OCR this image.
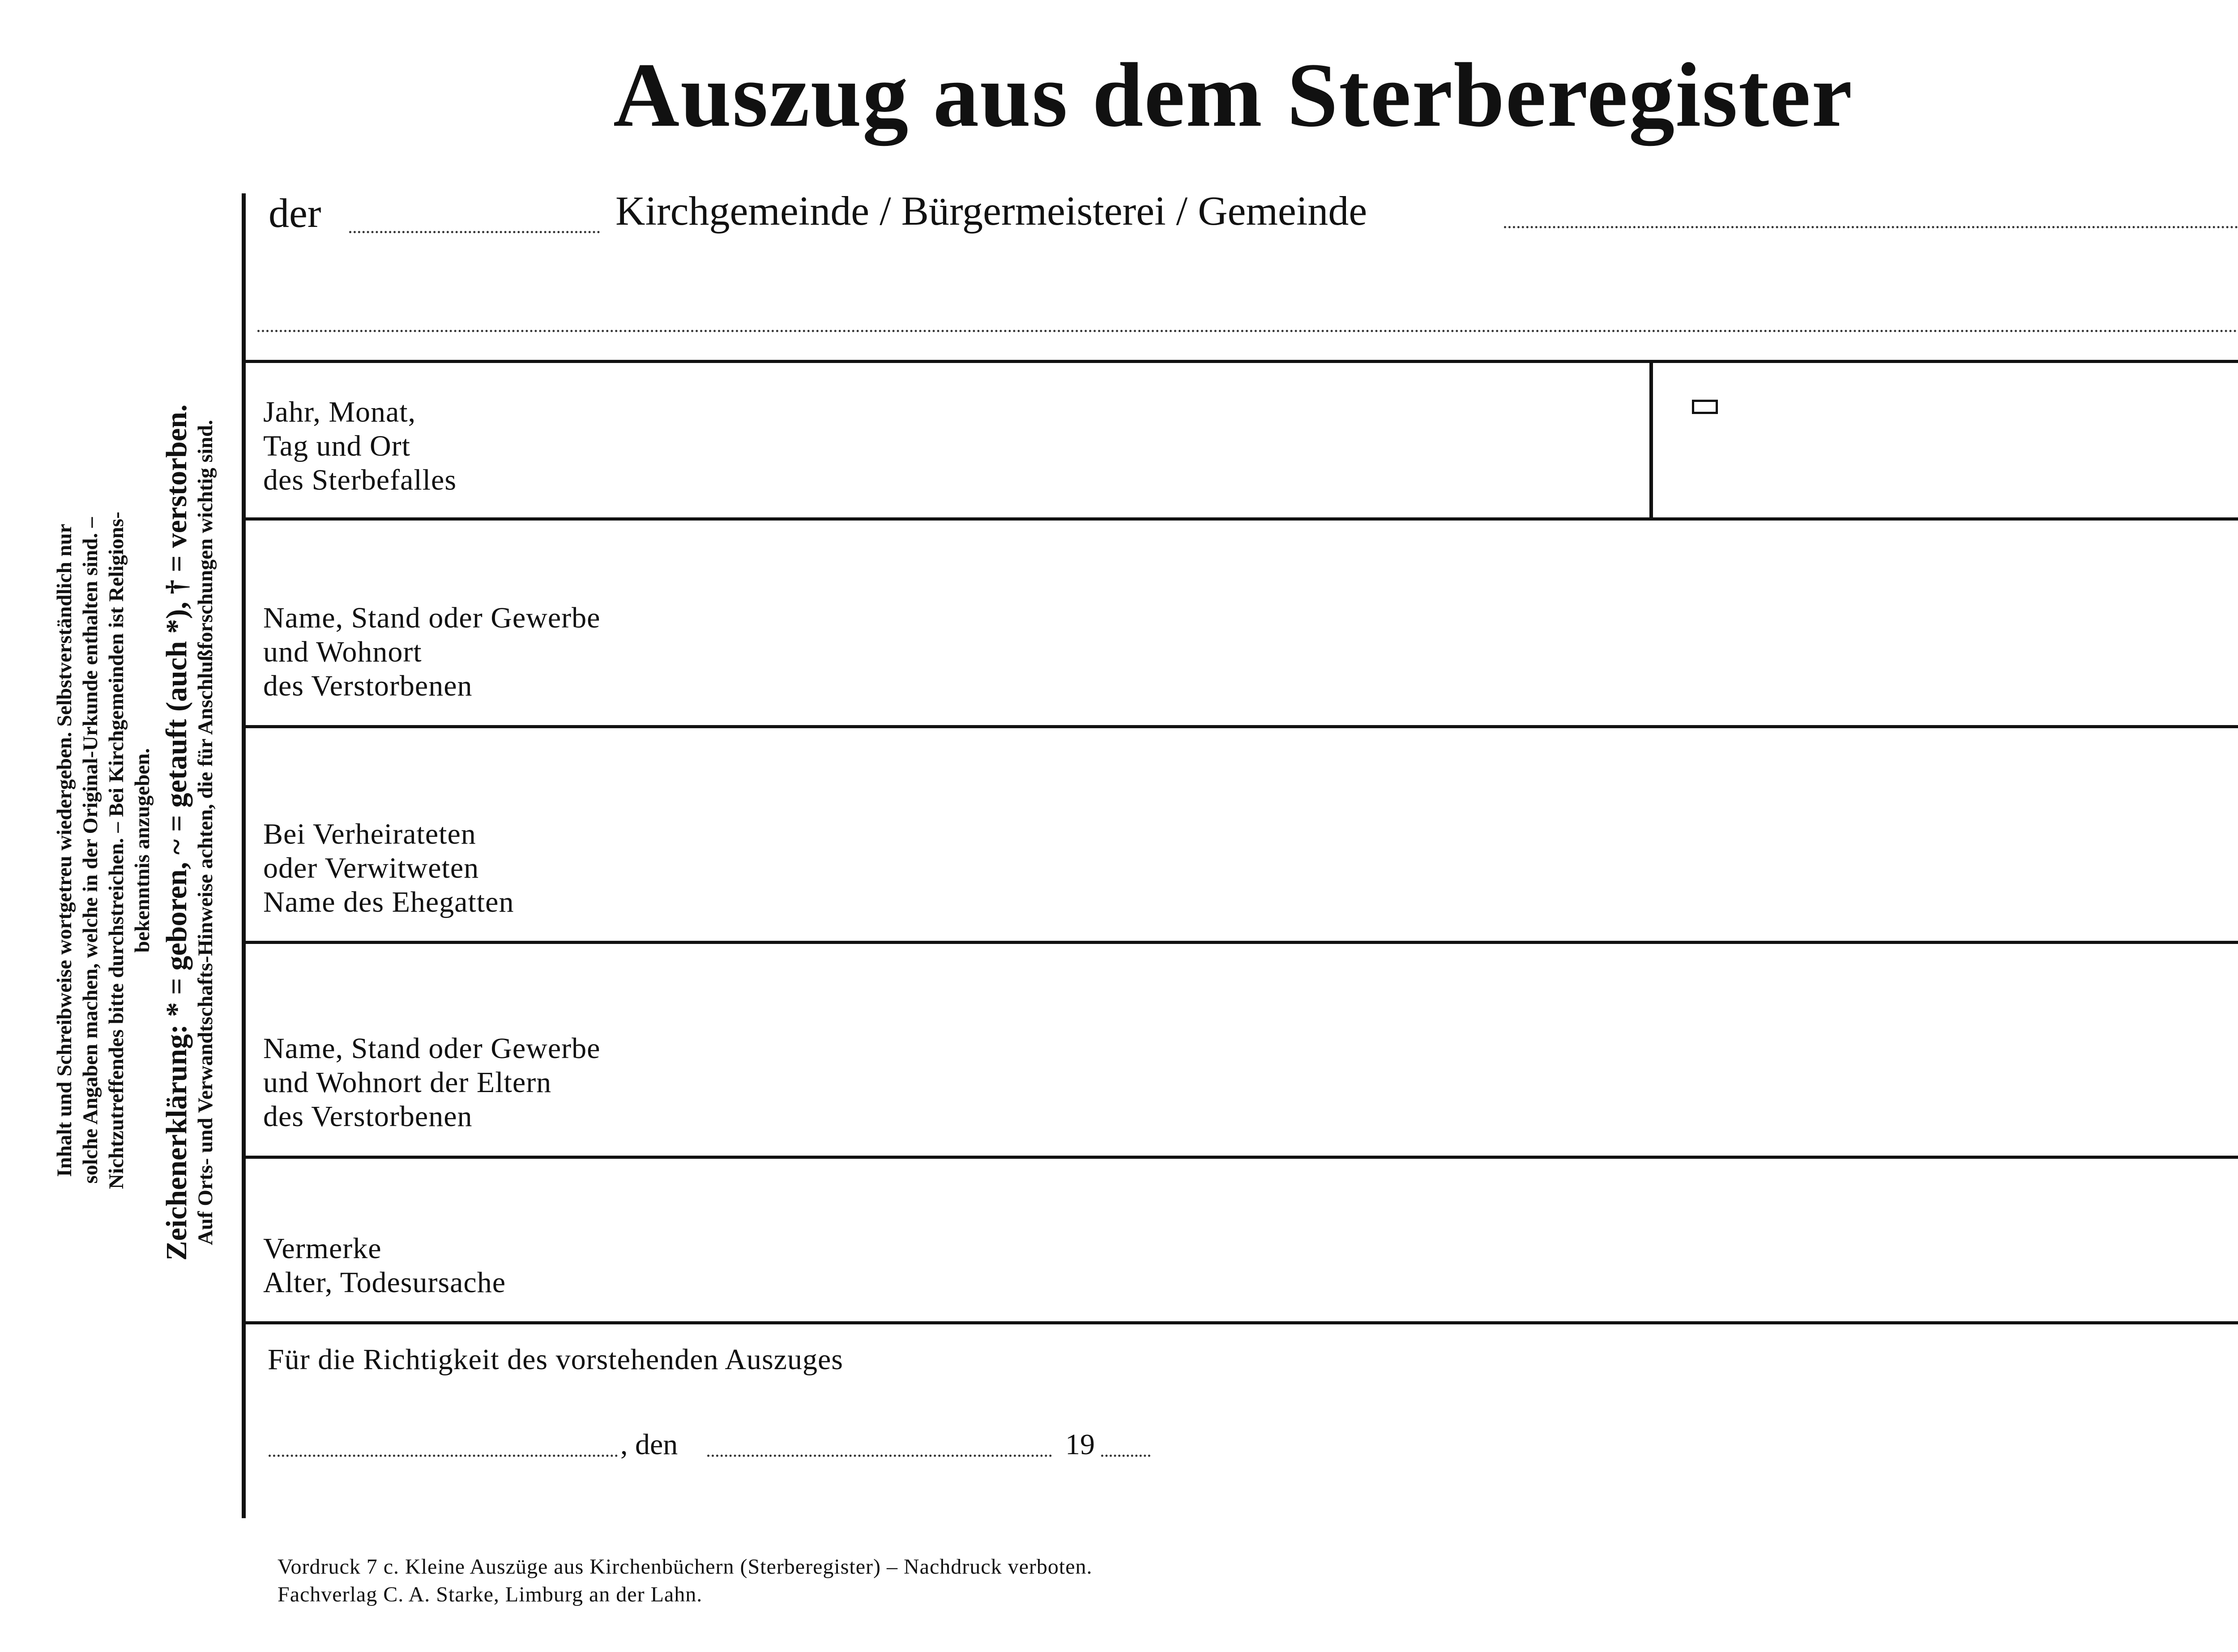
Auszug aus dem Sterberegister
der	Kirchgemeinde / Bürgermeisterei / Gemeinde
Jahr, Monat,
Tag und Ort
des Sterbefalles
Name, Stand oder Gewerbe
und Wohnort
des Verstorbenen
Bei Verheirateten
oder Verwitweten
Name des Ehegatten
Name, Stand oder Gewerbe
und Wohnort der Eltern
des Verstorbenen
Vermerke
Alter, Todesursache
Für die Richtigkeit des vorstehenden Auszuges
, den	19
Vordruck 7 c. Kleine Auszüge aus Kirchenbüchern (Sterberegister) – Nachdruck verboten.
Fachverlag C. A. Starke, Limburg an der Lahn.
Inhalt und Schreibweise wortgetreu wiedergeben. Selbstverständlich nur solche Angaben machen, welche in der Original-Urkunde enthalten sind. – Nichtzutreffendes bitte durchstreichen. – Bei Kirchgemeinden ist Religions- bekenntnis anzugeben. Zeichenerklärung: * = geboren, ~ = getauft (auch *), † = verstorben. Auf Orts- und Verwandtschafts-Hinweise achten, die für Anschlußforschungen wichtig sind.
